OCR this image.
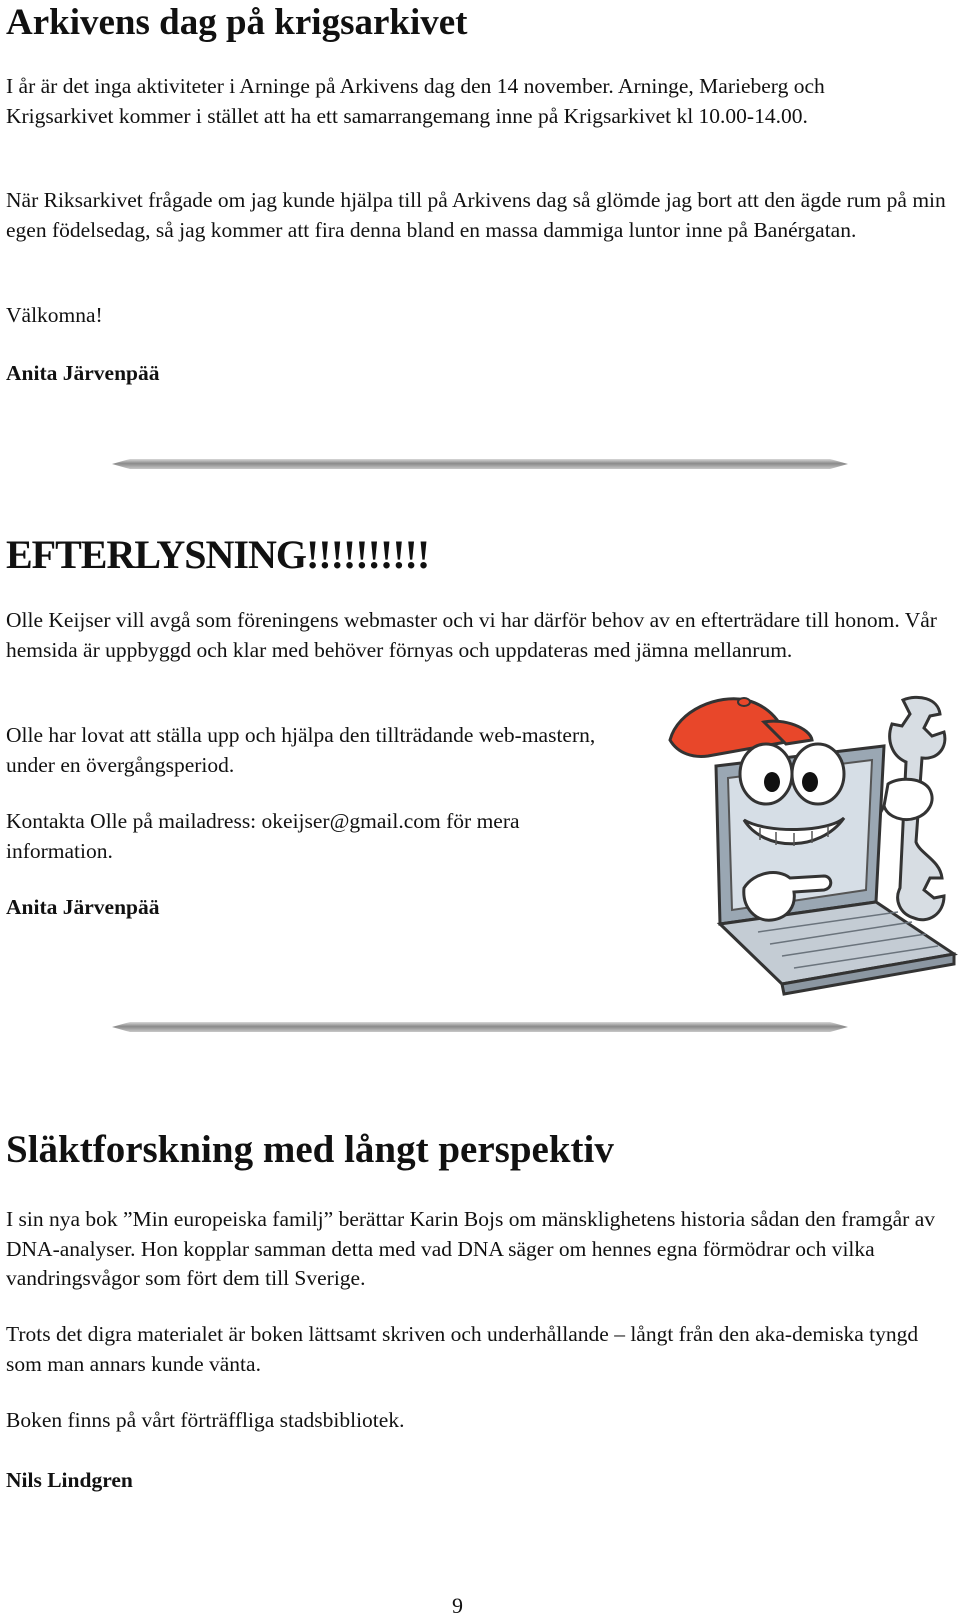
Arkivens dag på krigsarkivet

I år är det inga aktiviteter i Arninge på Arkivens dag den 14 november. Arninge, Marieberg och Krigsarkivet kommer i stället att ha ett samarrangemang inne på Krigsarkivet kl 10.00-14.00.

När Riksarkivet frågade om jag kunde hjälpa till på Arkivens dag så glömde jag bort att den ägde rum på min egen födelsedag, så jag kommer att fira denna bland en massa dammiga luntor inne på Banérgatan.

Välkomna!

Anita Järvenpää

EFTERLYSNING!!!!!!!!!!

Olle Keijser vill avgå som föreningens webmaster och vi har därför behov av en efterträdare till honom. Vår hemsida är uppbyggd och klar med behöver förnyas och uppdateras med jämna mellanrum.

Olle har lovat att ställa upp och hjälpa den tillträdande web-mastern, under en övergångsperiod.

Kontakta Olle på mailadress: okeijser@gmail.com för mera information.

Anita Järvenpää

Släktforskning med långt perspektiv

I sin nya bok ”Min europeiska familj” berättar Karin Bojs om mänsklighetens historia sådan den framgår av DNA-analyser. Hon kopplar samman detta med vad DNA säger om hennes egna förmödrar och vilka vandringsvågor som fört dem till Sverige.

Trots det digra materialet är boken lättsamt skriven och underhållande – långt från den aka-demiska tyngd som man annars kunde vänta.

Boken finns på vårt förträffliga stadsbibliotek.

Nils Lindgren

9
